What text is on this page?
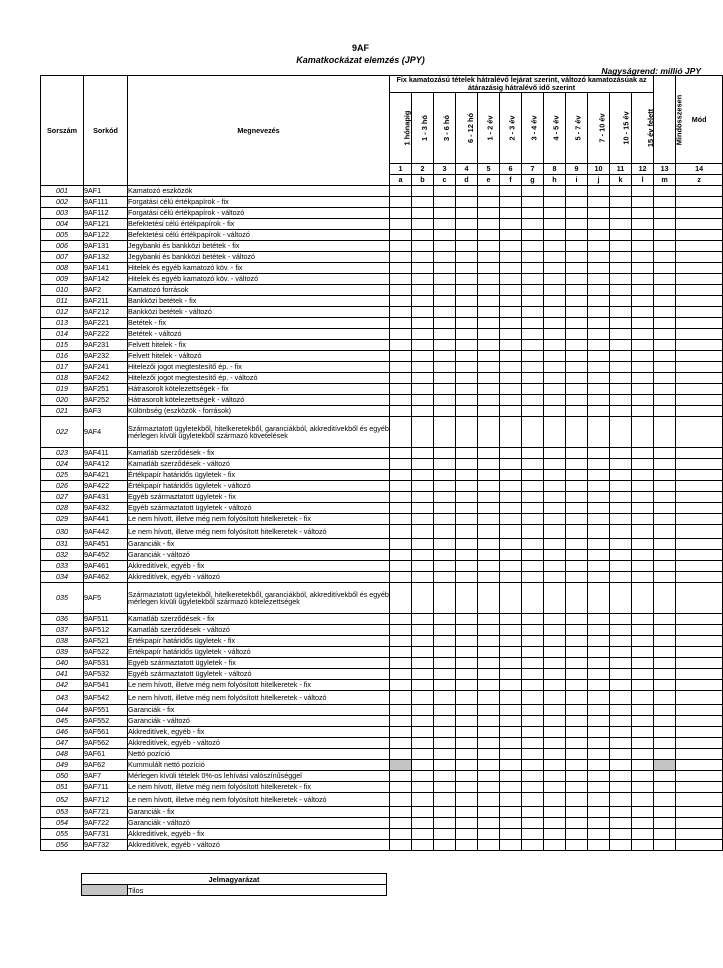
9AF
Kamatkockázat elemzés (JPY)
Nagyságrend: millió JPY
Sorszám	Sorkód	Megnevezés	Fix kamatozású tételek hátralévő lejárat szerint, változó kamatozásúak az átárazásig hátralévő idő szerint												Mindösszesen	Mód
			1 hónapig	1 - 3 hó	3 - 6 hó	6 - 12 hó	1 - 2 év	2 - 3 év	3 - 4 év	4 - 5 év	5 - 7 év	7 - 10 év	10 - 15 év	15 év felett		
			1	2	3	4	5	6	7	8	9	10	11	12	13	14
			a	b	c	d	e	f	g	h	i	j	k	l	m	z
001	9AF1	Kamatozó eszközök														
002	9AF111	Forgatási célú értékpapírok - fix														
003	9AF112	Forgatási célú értékpapírok - változó														
004	9AF121	Befektetési célú értékpapírok - fix														
005	9AF122	Befektetési célú értékpapírok - változó														
006	9AF131	Jegybanki és bankközi betétek - fix														
007	9AF132	Jegybanki és bankközi betétek - változó														
008	9AF141	Hitelek és egyéb kamatozó köv. - fix														
009	9AF142	Hitelek és egyéb kamatozó köv. - változó														
010	9AF2	Kamatozó források														
011	9AF211	Bankközi betétek - fix														
012	9AF212	Bankközi betétek - változó														
013	9AF221	Betétek - fix														
014	9AF222	Betétek - változó														
015	9AF231	Felvett hitelek - fix														
016	9AF232	Felvett hitelek - változó														
017	9AF241	Hitelezői jogot megtestesítő ép. - fix														
018	9AF242	Hitelezői jogot megtestesítő ép. - változó														
019	9AF251	Hátrasorolt kötelezettségek - fix														
020	9AF252	Hátrasorolt kötelezettségek - változó														
021	9AF3	Különbség (eszközök - források)														
022	9AF4	Származtatott ügyletekből, hitelkeretekből, garanciákból, akkreditívekből és egyéb mérlegen kívüli ügyletekből származó követelések														
023	9AF411	Kamatláb szerződések - fix														
024	9AF412	Kamatláb szerződések - változó														
025	9AF421	Értékpapír határidős ügyletek - fix														
026	9AF422	Értékpapír határidős ügyletek - változó														
027	9AF431	Egyéb származtatott ügyletek - fix														
028	9AF432	Egyéb származtatott ügyletek - változó														
029	9AF441	Le nem hívott, illetve még nem folyósított hitelkeretek - fix														
030	9AF442	Le nem hívott, illetve még nem folyósított hitelkeretek - változó														
031	9AF451	Garanciák - fix														
032	9AF452	Garanciák - változó														
033	9AF461	Akkreditívek, egyéb - fix														
034	9AF462	Akkreditívek, egyéb - változó														
035	9AF5	Származtatott ügyletekből, hitelkeretekből, garanciákból, akkreditívekből és egyéb mérlegen kívüli ügyletekből származó kötelezettségek														
036	9AF511	Kamatláb szerződések - fix														
037	9AF512	Kamatláb szerződések - változó														
038	9AF521	Értékpapír határidős ügyletek - fix														
039	9AF522	Értékpapír határidős ügyletek - változó														
040	9AF531	Egyéb származtatott ügyletek - fix														
041	9AF532	Egyéb származtatott ügyletek - változó														
042	9AF541	Le nem hívott, illetve még nem folyósított hitelkeretek - fix														
043	9AF542	Le nem hívott, illetve még nem folyósított hitelkeretek - változó														
044	9AF551	Garanciák - fix														
045	9AF552	Garanciák - változó														
046	9AF561	Akkreditívek, egyéb - fix														
047	9AF562	Akkreditívek, egyéb - változó														
048	9AF61	Nettó pozíció														
049	9AF62	Kummulált nettó pozíció														
050	9AF7	Mérlegen kívüli tételek 0%-os lehívási valószínűséggel														
051	9AF711	Le nem hívott, illetve még nem folyósított hitelkeretek - fix														
052	9AF712	Le nem hívott, illetve még nem folyósított hitelkeretek - változó														
053	9AF721	Garanciák - fix														
054	9AF722	Garanciák - változó														
055	9AF731	Akkreditívek, egyéb - fix														
056	9AF732	Akkreditívek, egyéb - változó														
Jelmagyarázat
	Tilos
